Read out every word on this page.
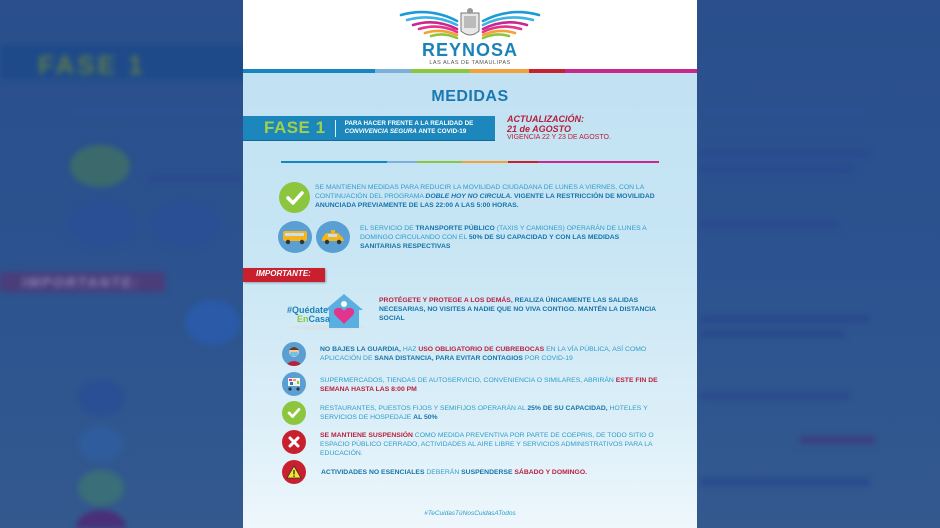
FASE 1
IMPORTANTE:
REYNOSA
LAS ALAS DE TAMAULIPAS
MEDIDAS
FASE 1	PARA HACER FRENTE A LA REALIDAD DE
CONVIVENCIA SEGURA ANTE COVID-19
ACTUALIZACIÓN:
21 de AGOSTO
VIGENCIA 22 Y 23 DE AGOSTO.
SE MANTIENEN MEDIDAS PARA REDUCIR LA MOVILIDAD CIUDADANA DE LUNES A VIERNES, CON LA CONTINUACIÓN DEL PROGRAMA DOBLE HOY NO CIRCULA. VIGENTE LA RESTRICCIÓN DE MOVILIDAD ANUNCIADA PREVIAMENTE DE LAS 22:00 A LAS 5:00 HORAS.
EL SERVICIO DE TRANSPORTE PÚBLICO (TAXIS Y CAMIONES) OPERARÁN DE LUNES A DOMINGO CIRCULANDO CON EL 50% DE SU CAPACIDAD Y CON LAS MEDIDAS SANITARIAS RESPECTIVAS
IMPORTANTE:
#Quédate
EnCasa
PROTÉGETE Y PROTEGE A LOS DEMÁS, REALIZA ÚNICAMENTE LAS SALIDAS NECESARIAS, NO VISITES A NADIE QUE NO VIVA CONTIGO. MANTÉN LA DISTANCIA SOCIAL
NO BAJES LA GUARDIA, HAZ USO OBLIGATORIO DE CUBREBOCAS EN LA VÍA PÚBLICA, ASÍ COMO APLICACIÓN DE SANA DISTANCIA, PARA EVITAR CONTAGIOS POR COVID-19
SUPERMERCADOS, TIENDAS DE AUTOSERVICIO, CONVENIENCIA O SIMILARES, ABRIRÁN ESTE FIN DE SEMANA HASTA LAS 8:00 PM
RESTAURANTES, PUESTOS FIJOS Y SEMIFIJOS OPERARÁN AL 25% DE SU CAPACIDAD, HOTELES Y SERVICIOS DE HOSPEDAJE AL 50%
SE MANTIENE SUSPENSIÓN COMO MEDIDA PREVENTIVA POR PARTE DE COEPRIS, DE TODO SITIO O ESPACIO PÚBLICO CERRADO, ACTIVIDADES AL AIRE LIBRE Y SERVICIOS ADMINISTRATIVOS PARA LA EDUCACIÓN.
ACTIVIDADES NO ESENCIALES DEBERÁN SUSPENDERSE SÁBADO Y DOMINGO.
#TeCuidasTúNosCuidasATodos
